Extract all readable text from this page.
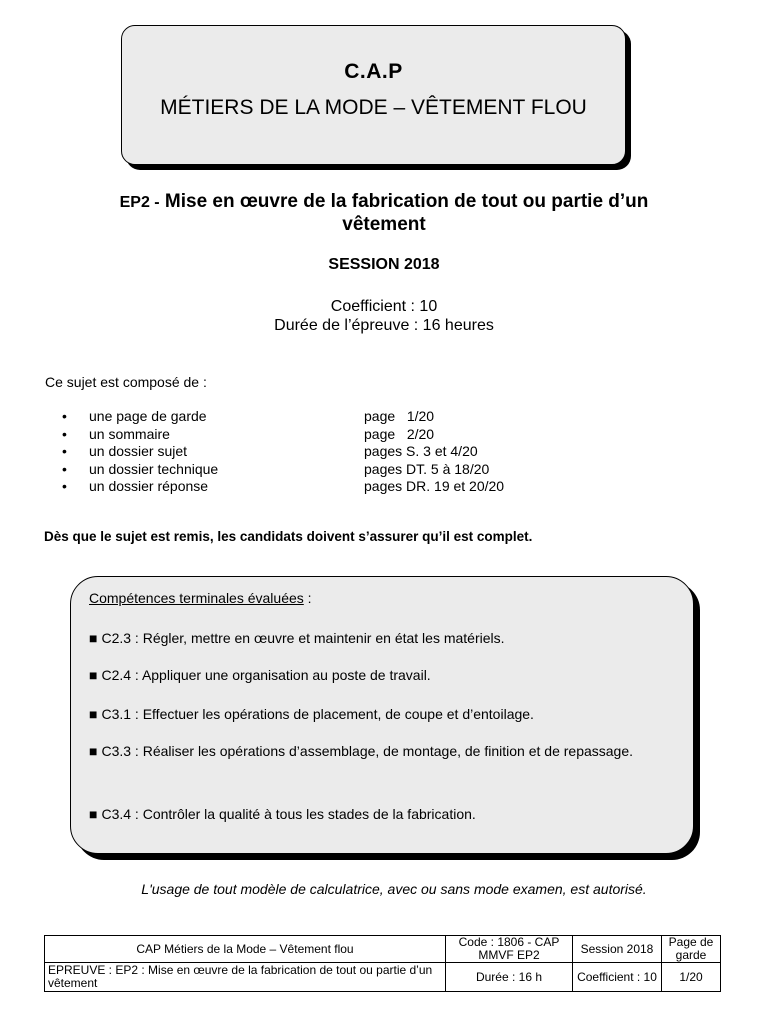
C.A.P
MÉTIERS DE LA MODE – VÊTEMENT FLOU
EP2 - Mise en œuvre de la fabrication de tout ou partie d’un vêtement
SESSION 2018
Coefficient : 10
Durée de l’épreuve : 16 heures
Ce sujet est composé de :
•	une page de garde	page   1/20
•	un sommaire	page   2/20
•	un dossier sujet	pages S. 3 et 4/20
•	un dossier technique	pages DT. 5 à 18/20
•	un dossier réponse	pages DR. 19 et 20/20
Dès que le sujet est remis, les candidats doivent s’assurer qu’il est complet.
Compétences terminales évaluées :
■ C2.3 : Régler, mettre en œuvre et maintenir en état les matériels.
■ C2.4 : Appliquer une organisation au poste de travail.
■ C3.1 : Effectuer les opérations de placement, de coupe et d’entoilage.
■ C3.3 : Réaliser les opérations d’assemblage, de montage, de finition et de repassage.
■ C3.4 : Contrôler la qualité à tous les stades de la fabrication.
L'usage de tout modèle de calculatrice, avec ou sans mode examen, est autorisé.
CAP Métiers de la Mode – Vêtement flou	Code : 1806 - CAP MMVF EP2	Session 2018	Page de garde
EPREUVE : EP2 : Mise en œuvre de la fabrication de tout ou partie d’un vêtement	Durée : 16 h	Coefficient : 10	1/20
